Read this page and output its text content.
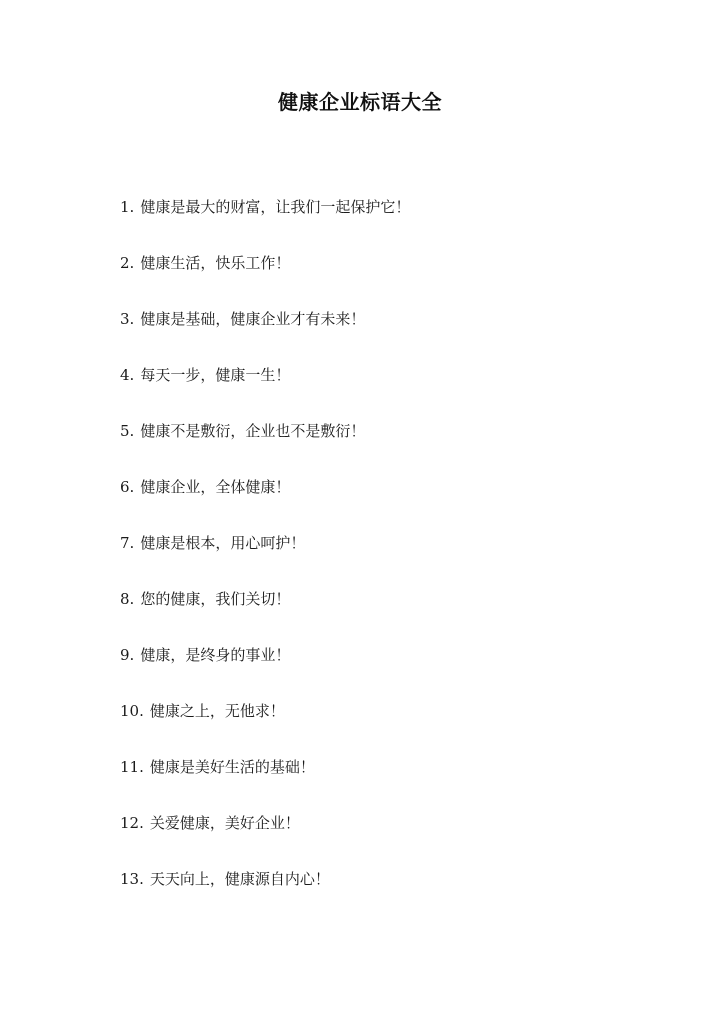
健康企业标语大全
1. 健康是最大的财富，让我们一起保护它！
2. 健康生活，快乐工作！
3. 健康是基础，健康企业才有未来！
4. 每天一步，健康一生！
5. 健康不是敷衍，企业也不是敷衍！
6. 健康企业，全体健康！
7. 健康是根本，用心呵护！
8. 您的健康，我们关切！
9. 健康，是终身的事业！
10. 健康之上，无他求！
11. 健康是美好生活的基础！
12. 关爱健康，美好企业！
13. 天天向上，健康源自内心！
